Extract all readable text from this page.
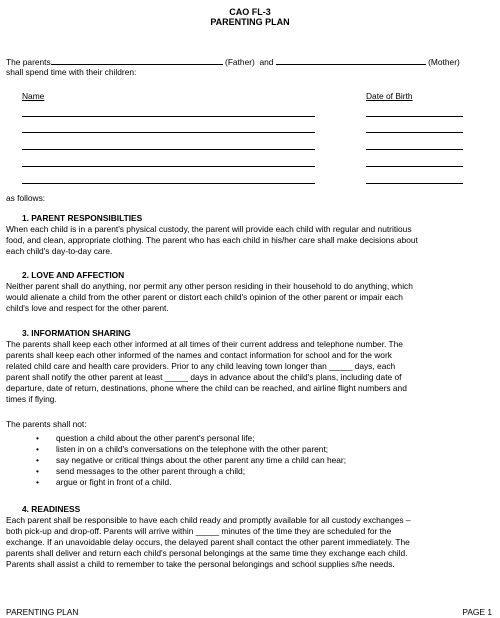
CAO FL-3
PARENTING PLAN
The parents	(Father) and	(Mother)
shall spend time with their children:
Name	Date of Birth
as follows:
1. PARENT RESPONSIBILTIES
When each child is in a parent's physical custody, the parent will provide each child with regular and nutritious
food, and clean, appropriate clothing. The parent who has each child in his/her care shall make decisions about
each child's day-to-day care.
2. LOVE AND AFFECTION
Neither parent shall do anything, nor permit any other person residing in their household to do anything, which
would alienate a child from the other parent or distort each child's opinion of the other parent or impair each
child's love and respect for the other parent.
3. INFORMATION SHARING
The parents shall keep each other informed at all times of their current address and telephone number. The
parents shall keep each other informed of the names and contact information for school and for the work
related child care and health care providers. Prior to any child leaving town longer than _____ days, each
parent shall notify the other parent at least _____ days in advance about the child's plans, including date of
departure, date of return, destinations, phone where the child can be reached, and airline flight numbers and
times if flying.
The parents shall not:
• question a child about the other parent's personal life;
• listen in on a child's conversations on the telephone with the other parent;
• say negative or critical things about the other parent any time a child can hear;
• send messages to the other parent through a child;
• argue or fight in front of a child.
4. READINESS
Each parent shall be responsible to have each child ready and promptly available for all custody exchanges –
both pick-up and drop-off. Parents will arrive within _____ minutes of the time they are scheduled for the
exchange. If an unavoidable delay occurs, the delayed parent shall contact the other parent immediately. The
parents shall deliver and return each child's personal belongings at the same time they exchange each child.
Parents shall assist a child to remember to take the personal belongings and school supplies s/he needs.
PARENTING PLAN	PAGE 1
